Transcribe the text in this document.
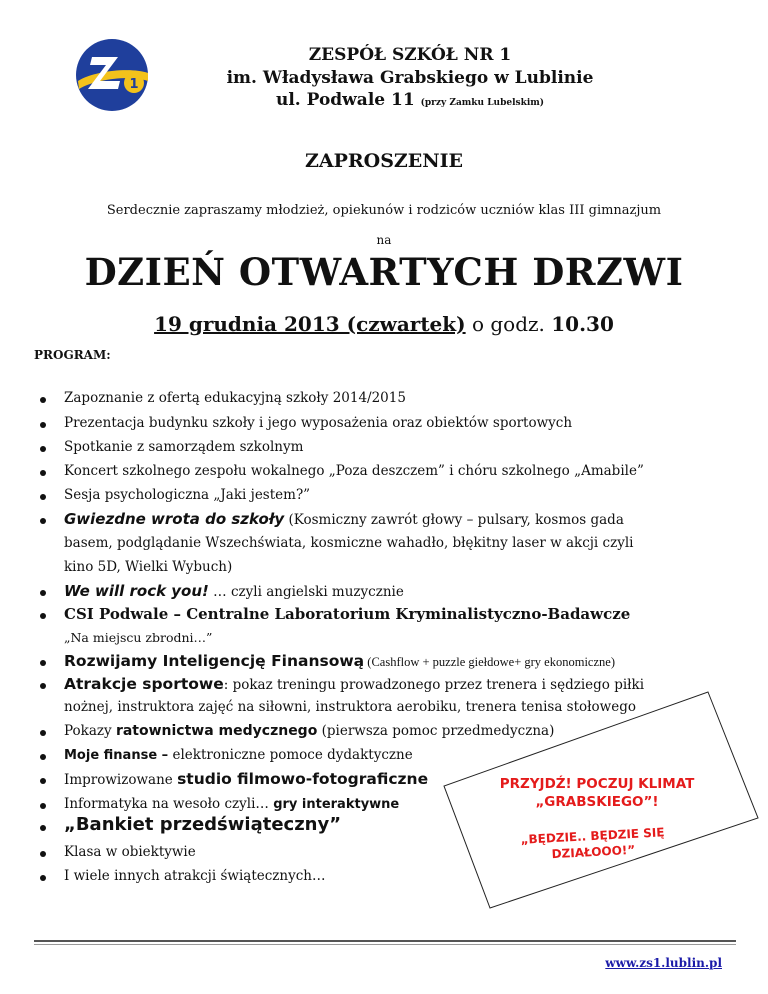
1
ZESPÓŁ SZKÓŁ NR 1
im. Władysława Grabskiego w Lublinie
ul. Podwale 11 (przy Zamku Lubelskim)
ZAPROSZENIE
Serdecznie zapraszamy młodzież, opiekunów i rodziców uczniów klas III gimnazjum
na
DZIEŃ OTWARTYCH DRZWI
19 grudnia 2013 (czwartek) o godz. 10.30
PROGRAM:
Zapoznanie z ofertą edukacyjną szkoły 2014/2015
Prezentacja budynku szkoły i jego wyposażenia oraz obiektów sportowych
Spotkanie z samorządem szkolnym
Koncert szkolnego zespołu wokalnego „Poza deszczem” i chóru szkolnego „Amabile”
Sesja psychologiczna „Jaki jestem?”
Gwiezdne wrota do szkoły (Kosmiczny zawrót głowy – pulsary, kosmos gada
basem, podglądanie Wszechświata, kosmiczne wahadło, błękitny laser w akcji czyli
kino 5D, Wielki Wybuch)
We will rock you! … czyli angielski muzycznie
CSI Podwale – Centralne Laboratorium Kryminalistyczno-Badawcze
„Na miejscu zbrodni…”
Rozwijamy Inteligencję Finansową (Cashflow + puzzle giełdowe+ gry ekonomiczne)
Atrakcje sportowe: pokaz treningu prowadzonego przez trenera i sędziego piłki
nożnej, instruktora zajęć na siłowni, instruktora aerobiku, trenera tenisa stołowego
Pokazy ratownictwa medycznego (pierwsza pomoc przedmedyczna)
Moje finanse – elektroniczne pomoce dydaktyczne
Improwizowane studio filmowo-fotograficzne
Informatyka na wesoło czyli… gry interaktywne
„Bankiet przedświąteczny”
Klasa w obiektywie
I wiele innych atrakcji świątecznych…
PRZYJDŹ! POCZUJ KLIMAT
„GRABSKIEGO”!
„BĘDZIE.. BĘDZIE SIĘ
DZIAŁOOO!”
www.zs1.lublin.pl
